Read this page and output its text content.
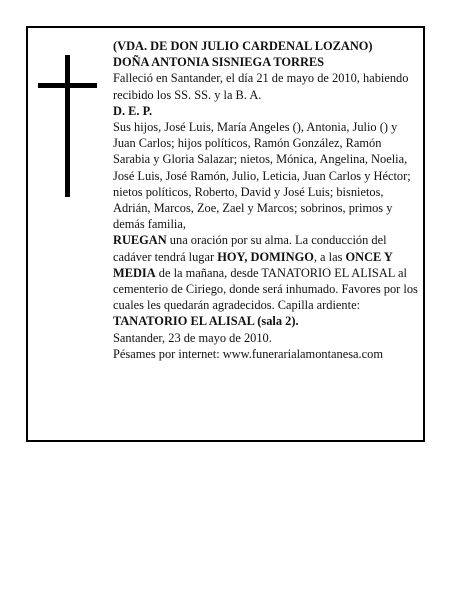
(VDA. DE DON JULIO CARDENAL LOZANO)

DOÑA ANTONIA SISNIEGA TORRES

Falleció en Santander, el día 21 de mayo de 2010, habiendo recibido los SS. SS. y la B. A.

D. E. P.

Sus hijos, José Luis, María Angeles (), Antonia, Julio () y Juan Carlos; hijos políticos, Ramón González, Ramón Sarabia y Gloria Salazar; nietos, Mónica, Angelina, Noelia, José Luis, José Ramón, Julio, Leticia, Juan Carlos y Héctor; nietos políticos, Roberto, David y José Luis; bisnietos, Adrián, Marcos, Zoe, Zael y Marcos; sobrinos, primos y demás familia,

RUEGAN una oración por su alma. La conducción del cadáver tendrá lugar HOY, DOMINGO, a las ONCE Y MEDIA de la mañana, desde TANATORIO EL ALISAL al cementerio de Ciriego, donde será inhumado. Favores por los cuales les quedarán agradecidos. Capilla ardiente: TANATORIO EL ALISAL (sala 2).

Santander, 23 de mayo de 2010.

Pésames por internet: www.funerarialamontanesa.com
